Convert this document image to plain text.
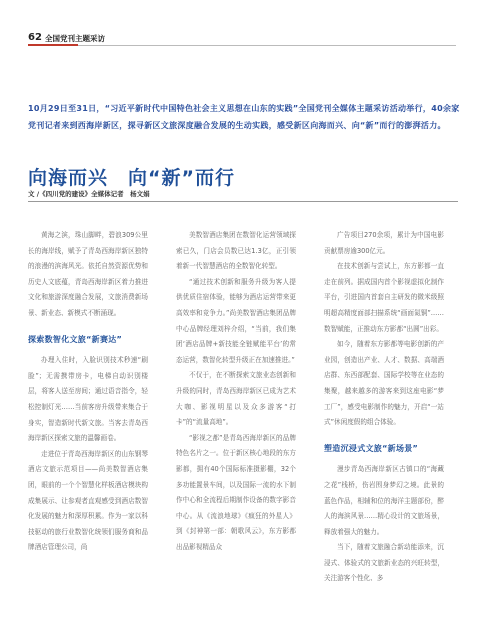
62 全国党刊主题采访
10月29日至31日，“习近平新时代中国特色社会主义思想在山东的实践”全国党刊全媒体主题采访活动举行，40余家党刊记者来到西海岸新区，探寻新区文旅深度融合发展的生动实践，感受新区向海而兴、向“新”而行的澎湃活力。
向海而兴　向“新”而行
文 /《四川党的建设》全媒体记者　杨文娟

黄海之滨，珠山脚畔，碧浪309公里长的海岸线，赋予了青岛西海岸新区独特的浪漫的滨海风光。依托自然资源优势和历史人文底蕴，青岛西海岸新区着力推进文化和旅游深度融合发展，文旅消费新场景、新业态、新模式不断涌现。

探索数智化文旅“新赛达”

办理入住时，入脸识别技术秒速“刷脸”；无需携带房卡，电梯自动识别楼层，将客人送至房间；通过语音指令，轻松控制灯光……当前客房升级带来集合于身实，智造新时代新文旅。当客去青岛西海岸新区探索文旅的温馨画卷。

走进位于青岛西海岸新区的山东钢琴酒店文旅示范项目——尚美数智酒店集团，眼前的一个个智慧化样板酒店模块构成集展示、让参观者直观感受到酒店数智化发展的魅力和深厚积累。作为一家以科技驱动的旅行业数智化统领们服务商和品牌酒店管理公司，尚

美数智酒店集团在数智化运营领域探索已久，门店会员数已达1.3亿，正引领着新一代智慧酒店的全数智化转型。

“通过技术创新和服务升级为客人提供优质住宿体验，能够为酒店运营带来更高效率和竞争力。”尚美数智酒店集团品牌中心品牌经理刘梓介绍，“当前，我们集团‘酒店品牌+新技能全链赋能平台’的常态运营，数智化转型升级正在加速推进。”

不仅于，在不断探索文旅业态创新和升级的同时，青岛西海岸新区已成为艺术大咖、影视明星以及众多游客“打卡”的“流量高地”。

“影视之都”是青岛西海岸新区的品牌特色名片之一。位于新区核心地段的东方影都，拥有40个国际标准摄影棚，32个多功能置景车间，以及国际一流的水下制作中心和全流程后期制作设备的数字影音中心。从《流浪地球》《疯狂的外星人》到《封神第一部：朝歌风云》，东方影都出品影视精品众

广告项目270余项，累计为中国电影贡献票房逾300亿元。

在技术创新与尝试上，东方影都一直走在前列。据成国内首个影视虚拟化制作平台，引进国内首套自主研发的微米级照明超高精度面部扫描系统“画面氮铜”……数智赋能，正推动东方影都“出圆”出彩。

如今，随着东方影都等电影创新的产业园，创造出产业、人才、数据、高端酒店群、东西部配套、国际学校等在业态的集聚，越来越多的游客来到这座电影“梦工厂”，感受电影制作的魅力，开启“一站式”休闲度假的组合体验。

塑造沉浸式文旅“新场景”

漫步青岛西海岸新区古镇口的“海藏之花”栈桥，伤岩围身梦幻之境。此景的蓝色作品，相辅和位的海洋主题部份，醉人的海滨风景……精心设计的文旅场景，释放着强大的魅力。

当下，随着文旅融合新动能添来，沉浸式、体验式的文旅新业态的兴旺转型，关注游客个性化、多
